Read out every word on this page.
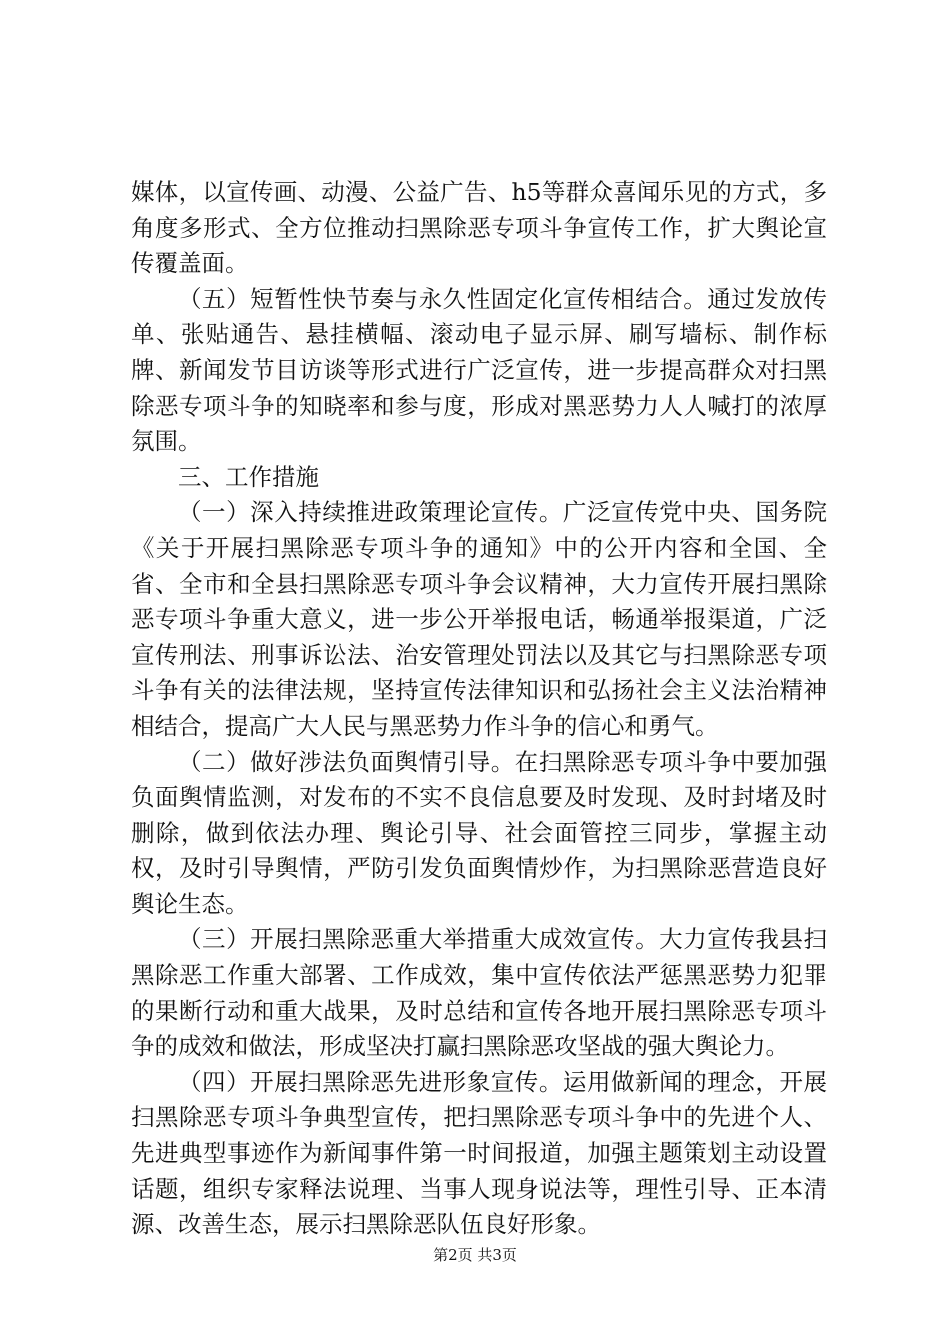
媒体，以宣传画、动漫、公益广告、h5等群众喜闻乐见的方式，多角度多形式、全方位推动扫黑除恶专项斗争宣传工作，扩大舆论宣传覆盖面。

（五）短暂性快节奏与永久性固定化宣传相结合。通过发放传单、张贴通告、悬挂横幅、滚动电子显示屏、刷写墙标、制作标牌、新闻发节目访谈等形式进行广泛宣传，进一步提高群众对扫黑除恶专项斗争的知晓率和参与度，形成对黑恶势力人人喊打的浓厚氛围。

三、工作措施

（一）深入持续推进政策理论宣传。广泛宣传党中央、国务院《关于开展扫黑除恶专项斗争的通知》中的公开内容和全国、全省、全市和全县扫黑除恶专项斗争会议精神，大力宣传开展扫黑除恶专项斗争重大意义，进一步公开举报电话，畅通举报渠道，广泛宣传刑法、刑事诉讼法、治安管理处罚法以及其它与扫黑除恶专项斗争有关的法律法规，坚持宣传法律知识和弘扬社会主义法治精神相结合，提高广大人民与黑恶势力作斗争的信心和勇气。

（二）做好涉法负面舆情引导。在扫黑除恶专项斗争中要加强负面舆情监测，对发布的不实不良信息要及时发现、及时封堵及时删除，做到依法办理、舆论引导、社会面管控三同步，掌握主动权，及时引导舆情，严防引发负面舆情炒作，为扫黑除恶营造良好舆论生态。

（三）开展扫黑除恶重大举措重大成效宣传。大力宣传我县扫黑除恶工作重大部署、工作成效，集中宣传依法严惩黑恶势力犯罪的果断行动和重大战果，及时总结和宣传各地开展扫黑除恶专项斗争的成效和做法，形成坚决打赢扫黑除恶攻坚战的强大舆论力。

（四）开展扫黑除恶先进形象宣传。运用做新闻的理念，开展扫黑除恶专项斗争典型宣传，把扫黑除恶专项斗争中的先进个人、先进典型事迹作为新闻事件第一时间报道，加强主题策划主动设置话题，组织专家释法说理、当事人现身说法等，理性引导、正本清源、改善生态，展示扫黑除恶队伍良好形象。

第2页 共3页
